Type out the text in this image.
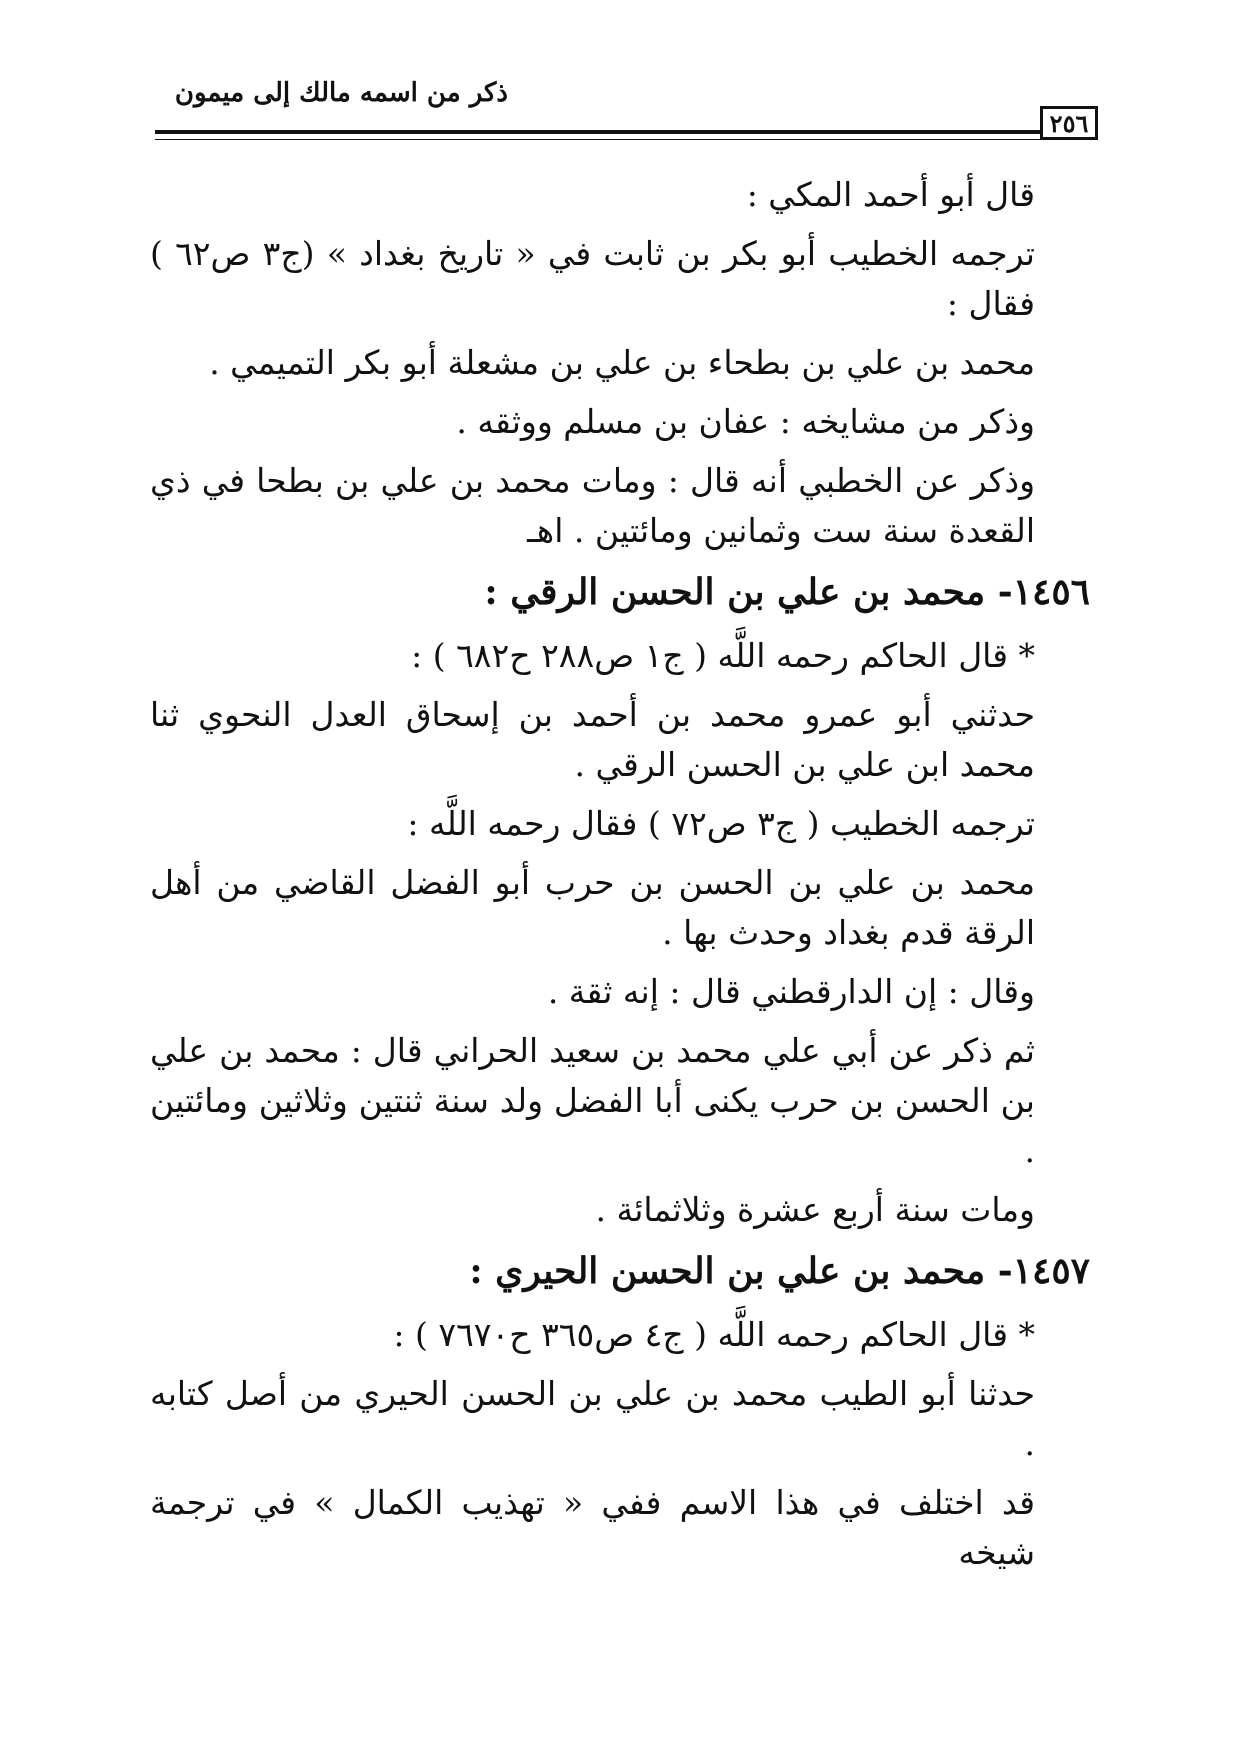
ذكر من اسمه مالك إلى ميمون
٢٥٦

قال أبو أحمد المكي :

ترجمه الخطيب أبو بكر بن ثابت في « تاريخ بغداد » (ج٣ ص٦٢ ) فقال :

محمد بن علي بن بطحاء بن علي بن مشعلة أبو بكر التميمي .

وذكر من مشايخه : عفان بن مسلم ووثقه .

وذكر عن الخطبي أنه قال : ومات محمد بن علي بن بطحا في ذي القعدة سنة ست وثمانين ومائتين . اهـ

١٤٥٦- محمد بن علي بن الحسن الرقي :

* قال الحاكم رحمه اللَّه ( ج١ ص٢٨٨ ح٦٨٢ ) :

حدثني أبو عمرو محمد بن أحمد بن إسحاق العدل النحوي ثنا محمد ابن علي بن الحسن الرقي .

ترجمه الخطيب ( ج٣ ص٧٢ ) فقال رحمه اللَّه :

محمد بن علي بن الحسن بن حرب أبو الفضل القاضي من أهل الرقة قدم بغداد وحدث بها .

وقال : إن الدارقطني قال : إنه ثقة .

ثم ذكر عن أبي علي محمد بن سعيد الحراني قال : محمد بن علي بن الحسن بن حرب يكنى أبا الفضل ولد سنة ثنتين وثلاثين ومائتين .

ومات سنة أربع عشرة وثلاثمائة .

١٤٥٧- محمد بن علي بن الحسن الحيري :

* قال الحاكم رحمه اللَّه ( ج٤ ص٣٦٥ ح٧٦٧٠ ) :

حدثنا أبو الطيب محمد بن علي بن الحسن الحيري من أصل كتابه .

قد اختلف في هذا الاسم ففي « تهذيب الكمال » في ترجمة شيخه
